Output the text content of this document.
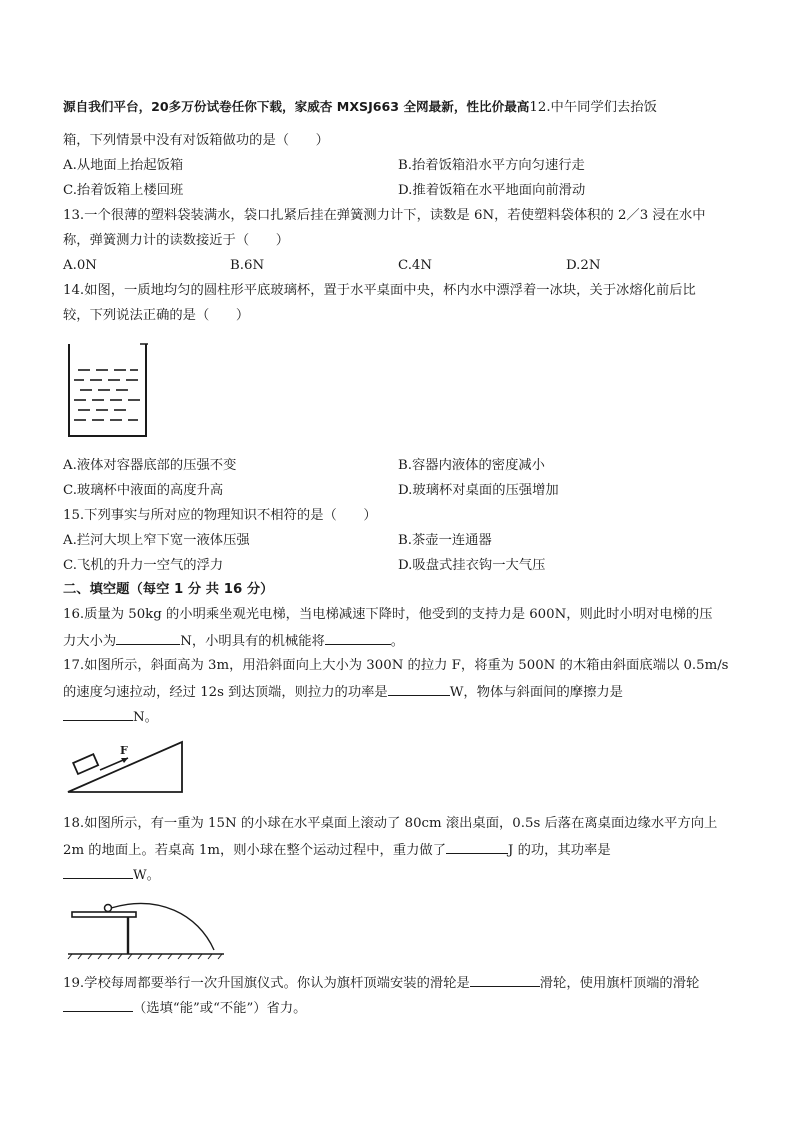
源自我们平台，20多万份试卷任你下载，家威杏 MXSJ663 全网最新，性比价最高12.中午同学们去抬饭
箱，下列情景中没有对饭箱做功的是（　　）
A.从地面上抬起饭箱	B.抬着饭箱沿水平方向匀速行走
C.抬着饭箱上楼回班	D.推着饭箱在水平地面向前滑动
13.一个很薄的塑料袋装满水，袋口扎紧后挂在弹簧测力计下，读数是 6N，若使塑料袋体积的 2／3 浸在水中
称，弹簧测力计的读数接近于（　　）
A.0N	B.6N	C.4N	D.2N
14.如图，一质地均匀的圆柱形平底玻璃杯，置于水平桌面中央，杯内水中漂浮着一冰块，关于冰熔化前后比
较，下列说法正确的是（　　）
A.液体对容器底部的压强不变	B.容器内液体的密度减小
C.玻璃杯中液面的高度升高	D.玻璃杯对桌面的压强增加
15.下列事实与所对应的物理知识不相符的是（　　）
A.拦河大坝上窄下宽一液体压强	B.茶壶一连通器
C.飞机的升力一空气的浮力	D.吸盘式挂衣钩一大气压
二、填空题（每空 1 分 共 16 分）
16.质量为 50kg 的小明乘坐观光电梯，当电梯减速下降时，他受到的支持力是 600N，则此时小明对电梯的压
力大小为	N，小明具有的机械能将	。
17.如图所示，斜面高为 3m，用沿斜面向上大小为 300N 的拉力 F，将重为 500N 的木箱由斜面底端以 0.5m/s
的速度匀速拉动，经过 12s 到达顶端，则拉力的功率是	W，物体与斜面间的摩擦力是
N。
F
18.如图所示，有一重为 15N 的小球在水平桌面上滚动了 80cm 滚出桌面，0.5s 后落在离桌面边缘水平方向上
2m 的地面上。若桌高 1m，则小球在整个运动过程中，重力做了	J 的功，其功率是
W。
19.学校每周都要举行一次升国旗仪式。你认为旗杆顶端安装的滑轮是	滑轮，使用旗杆顶端的滑轮
（选填“能”或“不能”）省力。
